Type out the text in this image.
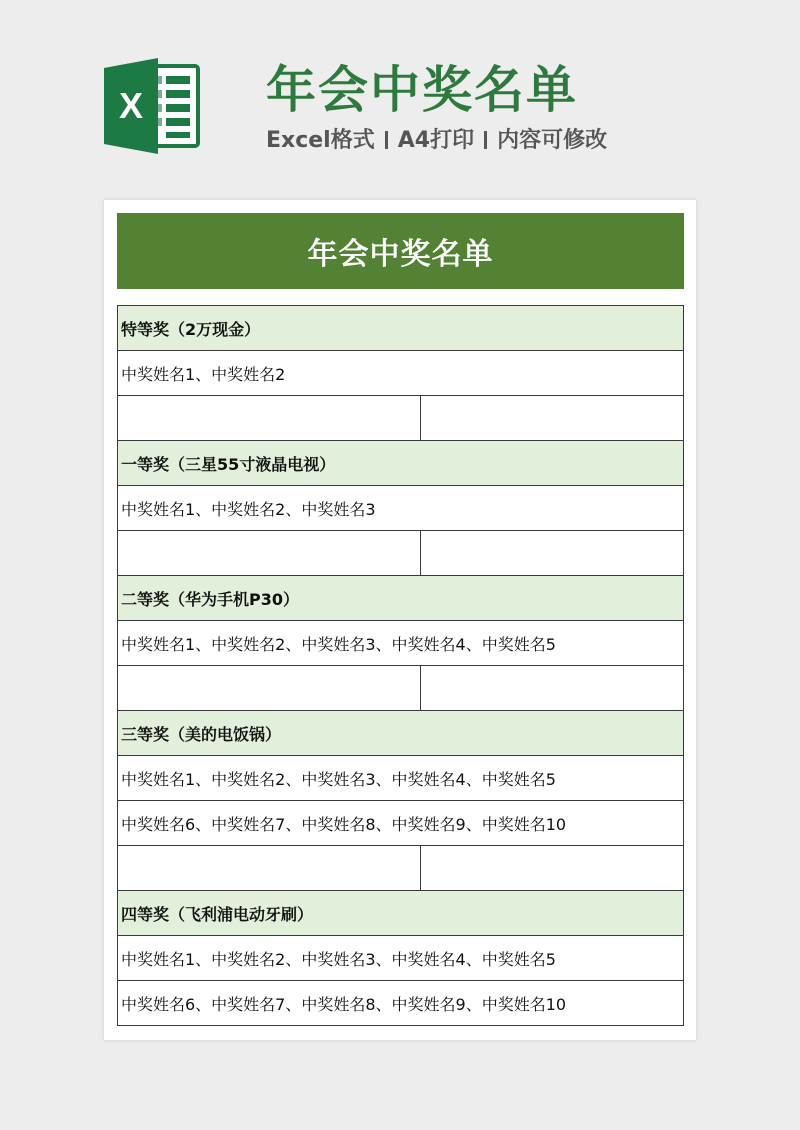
X 年会中奖名单
Excel格式 A4打印 内容可修改
年会中奖名单
特等奖（2万现金）
中奖姓名1、中奖姓名2
一等奖（三星55寸液晶电视）
中奖姓名1、中奖姓名2、中奖姓名3
二等奖（华为手机P30）
中奖姓名1、中奖姓名2、中奖姓名3、中奖姓名4、中奖姓名5
三等奖（美的电饭锅）
中奖姓名1、中奖姓名2、中奖姓名3、中奖姓名4、中奖姓名5
中奖姓名6、中奖姓名7、中奖姓名8、中奖姓名9、中奖姓名10
四等奖（飞利浦电动牙刷）
中奖姓名1、中奖姓名2、中奖姓名3、中奖姓名4、中奖姓名5
中奖姓名6、中奖姓名7、中奖姓名8、中奖姓名9、中奖姓名10
